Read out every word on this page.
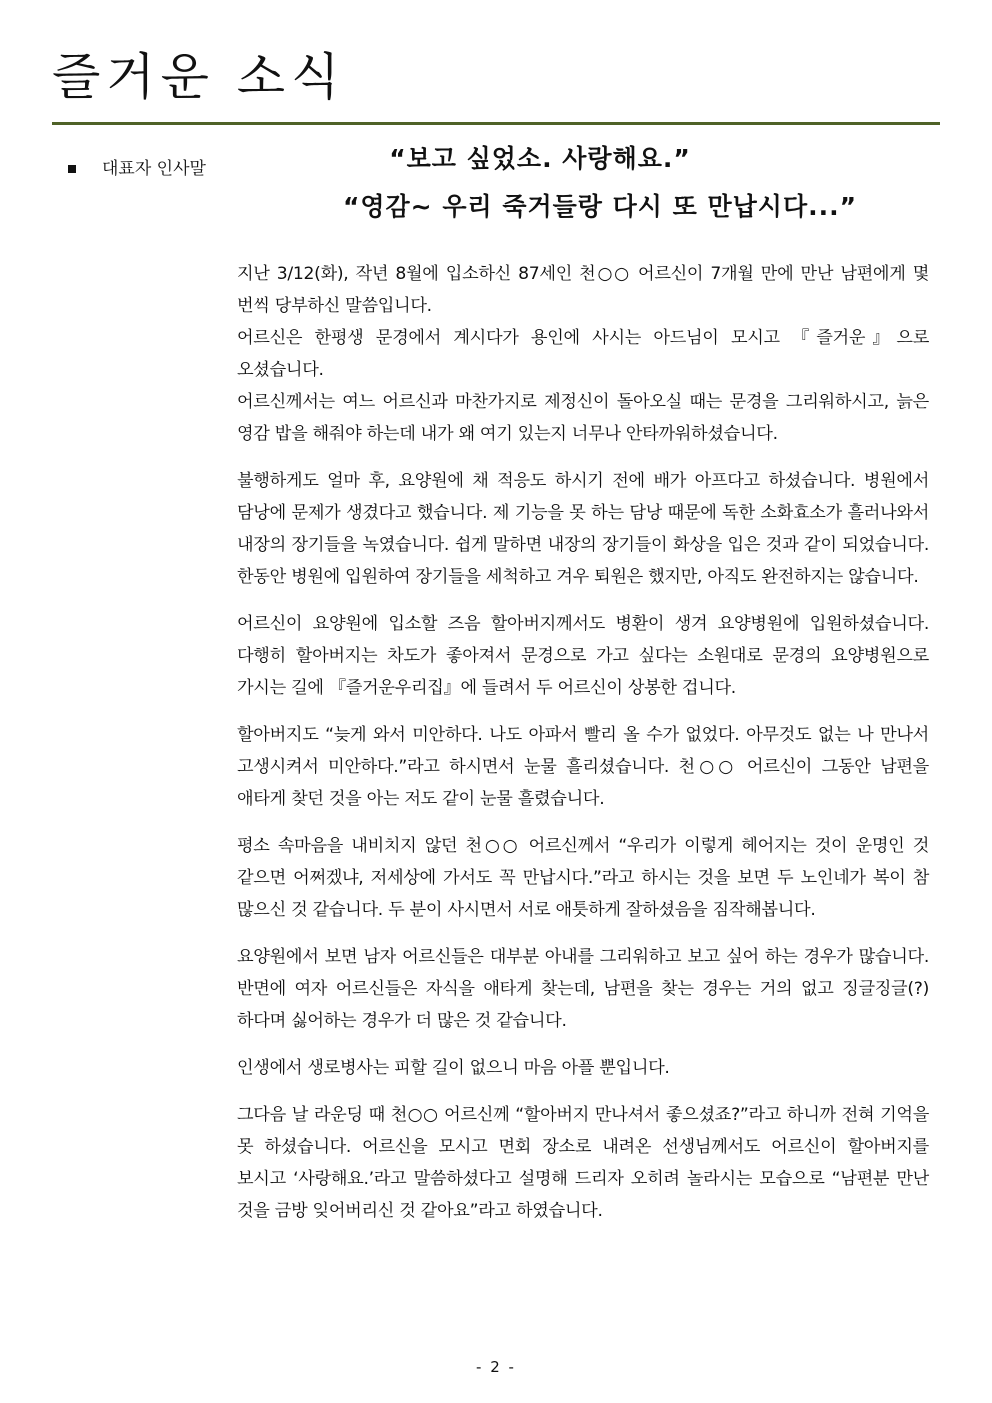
즐거운 소식
대표자 인사말	“보고 싶었소. 사랑해요.”

“영감~ 우리 죽거들랑 다시 또 만납시다...”

지난 3/12(화), 작년 8월에 입소하신 87세인 천○○ 어르신이 7개월 만에 만난 남편에게 몇 번씩 당부하신 말씀입니다.

어르신은 한평생 문경에서 계시다가 용인에 사시는 아드님이 모시고 『즐거운』으로 오셨습니다.

어르신께서는 여느 어르신과 마찬가지로 제정신이 돌아오실 때는 문경을 그리워하시고, 늙은 영감 밥을 해줘야 하는데 내가 왜 여기 있는지 너무나 안타까워하셨습니다.

불행하게도 얼마 후, 요양원에 채 적응도 하시기 전에 배가 아프다고 하셨습니다. 병원에서 담낭에 문제가 생겼다고 했습니다. 제 기능을 못 하는 담낭 때문에 독한 소화효소가 흘러나와서 내장의 장기들을 녹였습니다. 쉽게 말하면 내장의 장기들이 화상을 입은 것과 같이 되었습니다. 한동안 병원에 입원하여 장기들을 세척하고 겨우 퇴원은 했지만, 아직도 완전하지는 않습니다.

어르신이 요양원에 입소할 즈음 할아버지께서도 병환이 생겨 요양병원에 입원하셨습니다. 다행히 할아버지는 차도가 좋아져서 문경으로 가고 싶다는 소원대로 문경의 요양병원으로 가시는 길에 『즐거운우리집』에 들려서 두 어르신이 상봉한 겁니다.

할아버지도 “늦게 와서 미안하다. 나도 아파서 빨리 올 수가 없었다. 아무것도 없는 나 만나서 고생시켜서 미안하다.”라고 하시면서 눈물 흘리셨습니다. 천○○ 어르신이 그동안 남편을 애타게 찾던 것을 아는 저도 같이 눈물 흘렸습니다.

평소 속마음을 내비치지 않던 천○○ 어르신께서 “우리가 이렇게 헤어지는 것이 운명인 것 같으면 어쩌겠냐, 저세상에 가서도 꼭 만납시다.”라고 하시는 것을 보면 두 노인네가 복이 참 많으신 것 같습니다. 두 분이 사시면서 서로 애틋하게 잘하셨음을 짐작해봅니다.

요양원에서 보면 남자 어르신들은 대부분 아내를 그리워하고 보고 싶어 하는 경우가 많습니다. 반면에 여자 어르신들은 자식을 애타게 찾는데, 남편을 찾는 경우는 거의 없고 징글징글(?)하다며 싫어하는 경우가 더 많은 것 같습니다.

인생에서 생로병사는 피할 길이 없으니 마음 아플 뿐입니다.

그다음 날 라운딩 때 천○○ 어르신께 “할아버지 만나셔서 좋으셨죠?”라고 하니까 전혀 기억을 못 하셨습니다. 어르신을 모시고 면회 장소로 내려온 선생님께서도 어르신이 할아버지를 보시고 ‘사랑해요.’라고 말씀하셨다고 설명해 드리자 오히려 놀라시는 모습으로 “남편분 만난 것을 금방 잊어버리신 것 같아요”라고 하였습니다.

- 2 -
